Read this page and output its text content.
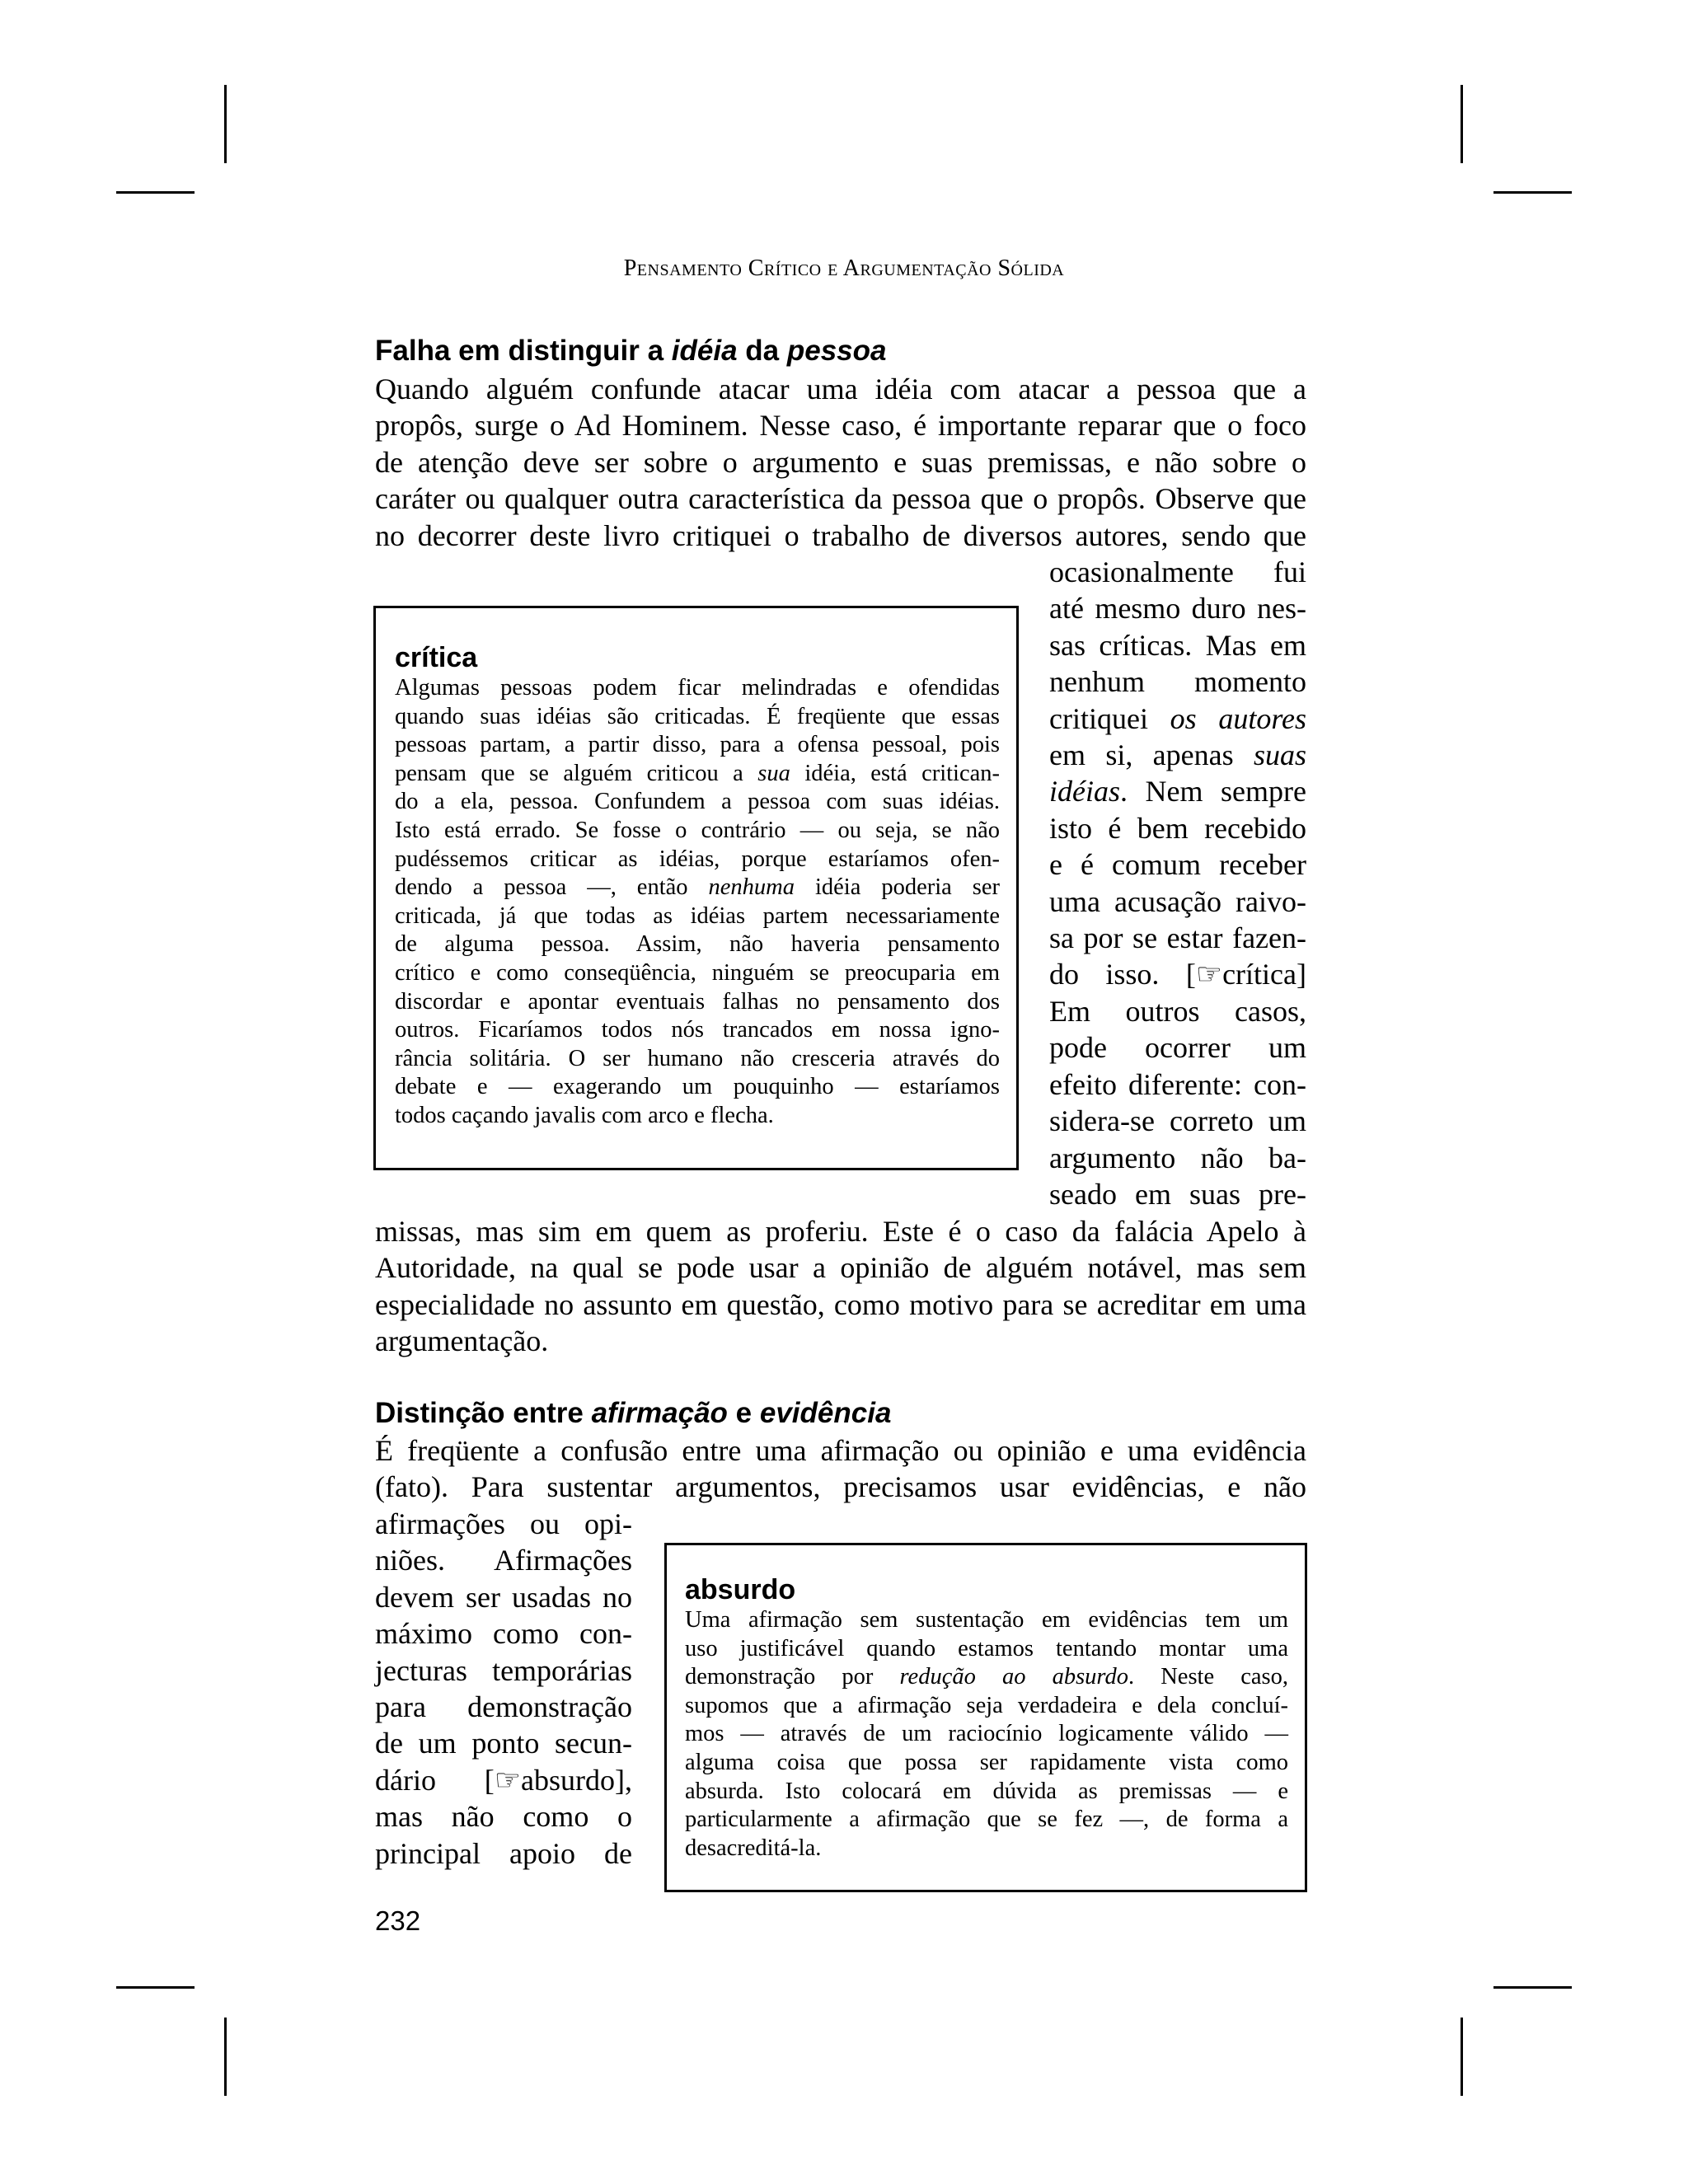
Pensamento Crítico e Argumentação Sólida
Falha em distinguir a idéia da pessoa
Quando alguém confunde atacar uma idéia com atacar a pessoa que a
propôs, surge o Ad Hominem. Nesse caso, é importante reparar que o foco
de atenção deve ser sobre o argumento e suas premissas, e não sobre o
caráter ou qualquer outra característica da pessoa que o propôs. Observe que
no decorrer deste livro critiquei o trabalho de diversos autores, sendo que
ocasionalmente fui
até mesmo duro nes-
sas críticas. Mas em
nenhum momento
critiquei os autores
em si, apenas suas
idéias. Nem sempre
isto é bem recebido
e é comum receber
uma acusação raivo-
sa por se estar fazen-
do isso. [☞crítica]
Em outros casos,
pode ocorrer um
efeito diferente: con-
sidera-se correto um
argumento não ba-
seado em suas pre-
missas, mas sim em quem as proferiu. Este é o caso da falácia Apelo à
Autoridade, na qual se pode usar a opinião de alguém notável, mas sem
especialidade no assunto em questão, como motivo para se acreditar em uma
argumentação.
crítica
Algumas pessoas podem ficar melindradas e ofendidas
quando suas idéias são criticadas. É freqüente que essas
pessoas partam, a partir disso, para a ofensa pessoal, pois
pensam que se alguém criticou a sua idéia, está critican-
do a ela, pessoa. Confundem a pessoa com suas idéias.
Isto está errado. Se fosse o contrário — ou seja, se não
pudéssemos criticar as idéias, porque estaríamos ofen-
dendo a pessoa —, então nenhuma idéia poderia ser
criticada, já que todas as idéias partem necessariamente
de alguma pessoa. Assim, não haveria pensamento
crítico e como conseqüência, ninguém se preocuparia em
discordar e apontar eventuais falhas no pensamento dos
outros. Ficaríamos todos nós trancados em nossa igno-
rância solitária. O ser humano não cresceria através do
debate e — exagerando um pouquinho — estaríamos
todos caçando javalis com arco e flecha.
Distinção entre afirmação e evidência
É freqüente a confusão entre uma afirmação ou opinião e uma evidência
(fato). Para sustentar argumentos, precisamos usar evidências, e não
afirmações ou opi-
niões. Afirmações
devem ser usadas no
máximo como con-
jecturas temporárias
para demonstração
de um ponto secun-
dário [☞absurdo],
mas não como o
principal apoio de
absurdo
Uma afirmação sem sustentação em evidências tem um
uso justificável quando estamos tentando montar uma
demonstração por redução ao absurdo. Neste caso,
supomos que a afirmação seja verdadeira e dela concluí-
mos — através de um raciocínio logicamente válido —
alguma coisa que possa ser rapidamente vista como
absurda. Isto colocará em dúvida as premissas — e
particularmente a afirmação que se fez —, de forma a
desacreditá-la.
232
